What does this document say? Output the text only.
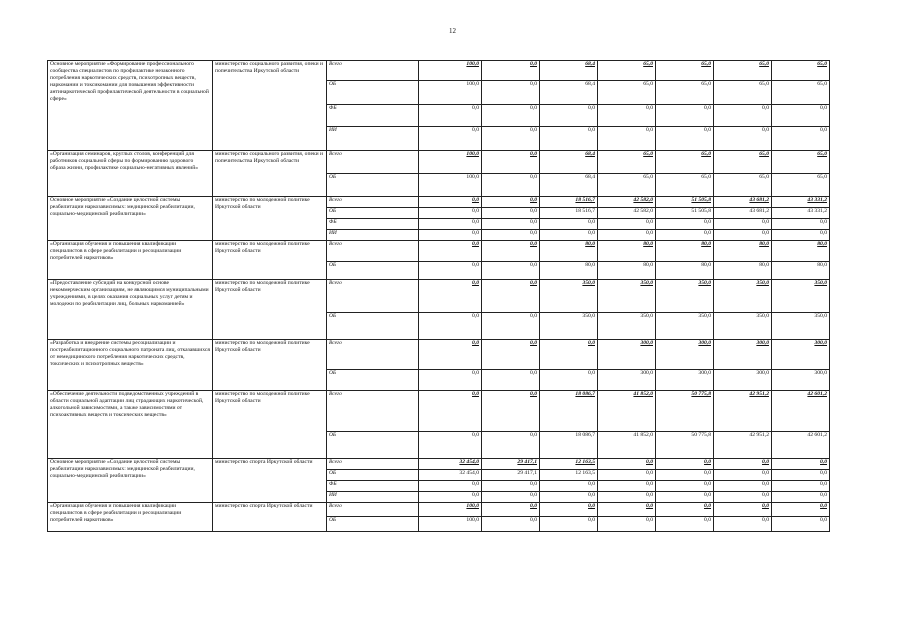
12
Основное мероприятие «Формирование профессионального сообщества специалистов по профилактике незаконного потребления наркотических средств, психотропных веществ, наркомании и токсикомании для повышения эффективности антинаркотической профилактической деятельности в социальной сфере»	министерство социального развития, опеки и попечительства Иркутской области	Всего	100,0	0,0	68,4	65,0	65,0	65,0	65,0
		ОБ	100,0	0,0	68,4	65,0	65,0	65,0	65,0
		ФБ	0,0	0,0	0,0	0,0	0,0	0,0	0,0
		ИИ	0,0	0,0	0,0	0,0	0,0	0,0	0,0
«Организация семинаров, круглых столов, конференций для работников социальной сферы по формированию здорового образа жизни, профилактике социально-негативных явлений»	министерство социального развития, опеки и попечительства Иркутской области	Всего	100,0	0,0	68,4	65,0	65,0	65,0	65,0
		ОБ	100,0	0,0	68,4	65,0	65,0	65,0	65,0
Основное мероприятие «Создание целостной системы реабилитации наркозависимых: медицинской реабилитации, социально-медицинской реабилитации»	министерство по молодежной политике Иркутской области	Всего	0,0	0,0	18 516,7	42 582,0	51 505,8	43 681,2	43 331,2
		ОБ	0,0	0,0	18 516,7	42 582,0	51 505,8	43 681,2	43 331,2
		ФБ	0,0	0,0	0,0	0,0	0,0	0,0	0,0
		ИИ	0,0	0,0	0,0	0,0	0,0	0,0	0,0
«Организация обучения и повышения квалификации специалистов в сфере реабилитации и ресоциализации потребителей наркотиков»	министерство по молодежной политике Иркутской области	Всего	0,0	0,0	80,0	80,0	80,0	80,0	80,0
		ОБ	0,0	0,0	80,0	80,0	80,0	80,0	80,0
«Предоставление субсидий на конкурсной основе некоммерческим организациям, не являющимся муниципальными учреждениями, в целях оказания социальных услуг детям и молодежи по реабилитации лиц, больных наркоманией»	министерство по молодежной политике Иркутской области	Всего	0,0	0,0	350,0	350,0	350,0	350,0	350,0
		ОБ	0,0	0,0	350,0	350,0	350,0	350,0	350,0
«Разработка и внедрение системы ресоциализации и постреабилитационного социального патроната лиц, отказавшихся от немедицинского потребления наркотических средств, токсических и психотропных веществ»	министерство по молодежной политике Иркутской области	Всего	0,0	0,0	0,0	300,0	300,0	300,0	300,0
		ОБ	0,0	0,0	0,0	300,0	300,0	300,0	300,0
«Обеспечение деятельности подведомственных учреждений в области социальной адаптации лиц страдающих наркотической, алкогольной зависимостями, а также зависимостями от психоактивных веществ и токсических веществ»	министерство по молодежной политике Иркутской области	Всего	0,0	0,0	18 086,7	41 852,0	50 775,8	42 951,2	42 601,2
		ОБ	0,0	0,0	18 086,7	41 852,0	50 775,8	42 951,2	42 601,2
Основное мероприятие «Создание целостной системы реабилитации наркозависимых: медицинской реабилитации, социально-медицинской реабилитации»	министерство спорта Иркутской области	Всего	32 454,0	29 417,1	12 163,5	0,0	0,0	0,0	0,0
		ОБ	32 454,0	29 417,1	12 163,5	0,0	0,0	0,0	0,0
		ФБ	0,0	0,0	0,0	0,0	0,0	0,0	0,0
		ИИ	0,0	0,0	0,0	0,0	0,0	0,0	0,0
«Организация обучения и повышения квалификации специалистов в сфере реабилитации и ресоциализации потребителей наркотиков»	министерство спорта Иркутской области	Всего	100,0	0,0	0,0	0,0	0,0	0,0	0,0
		ОБ	100,0	0,0	0,0	0,0	0,0	0,0	0,0
